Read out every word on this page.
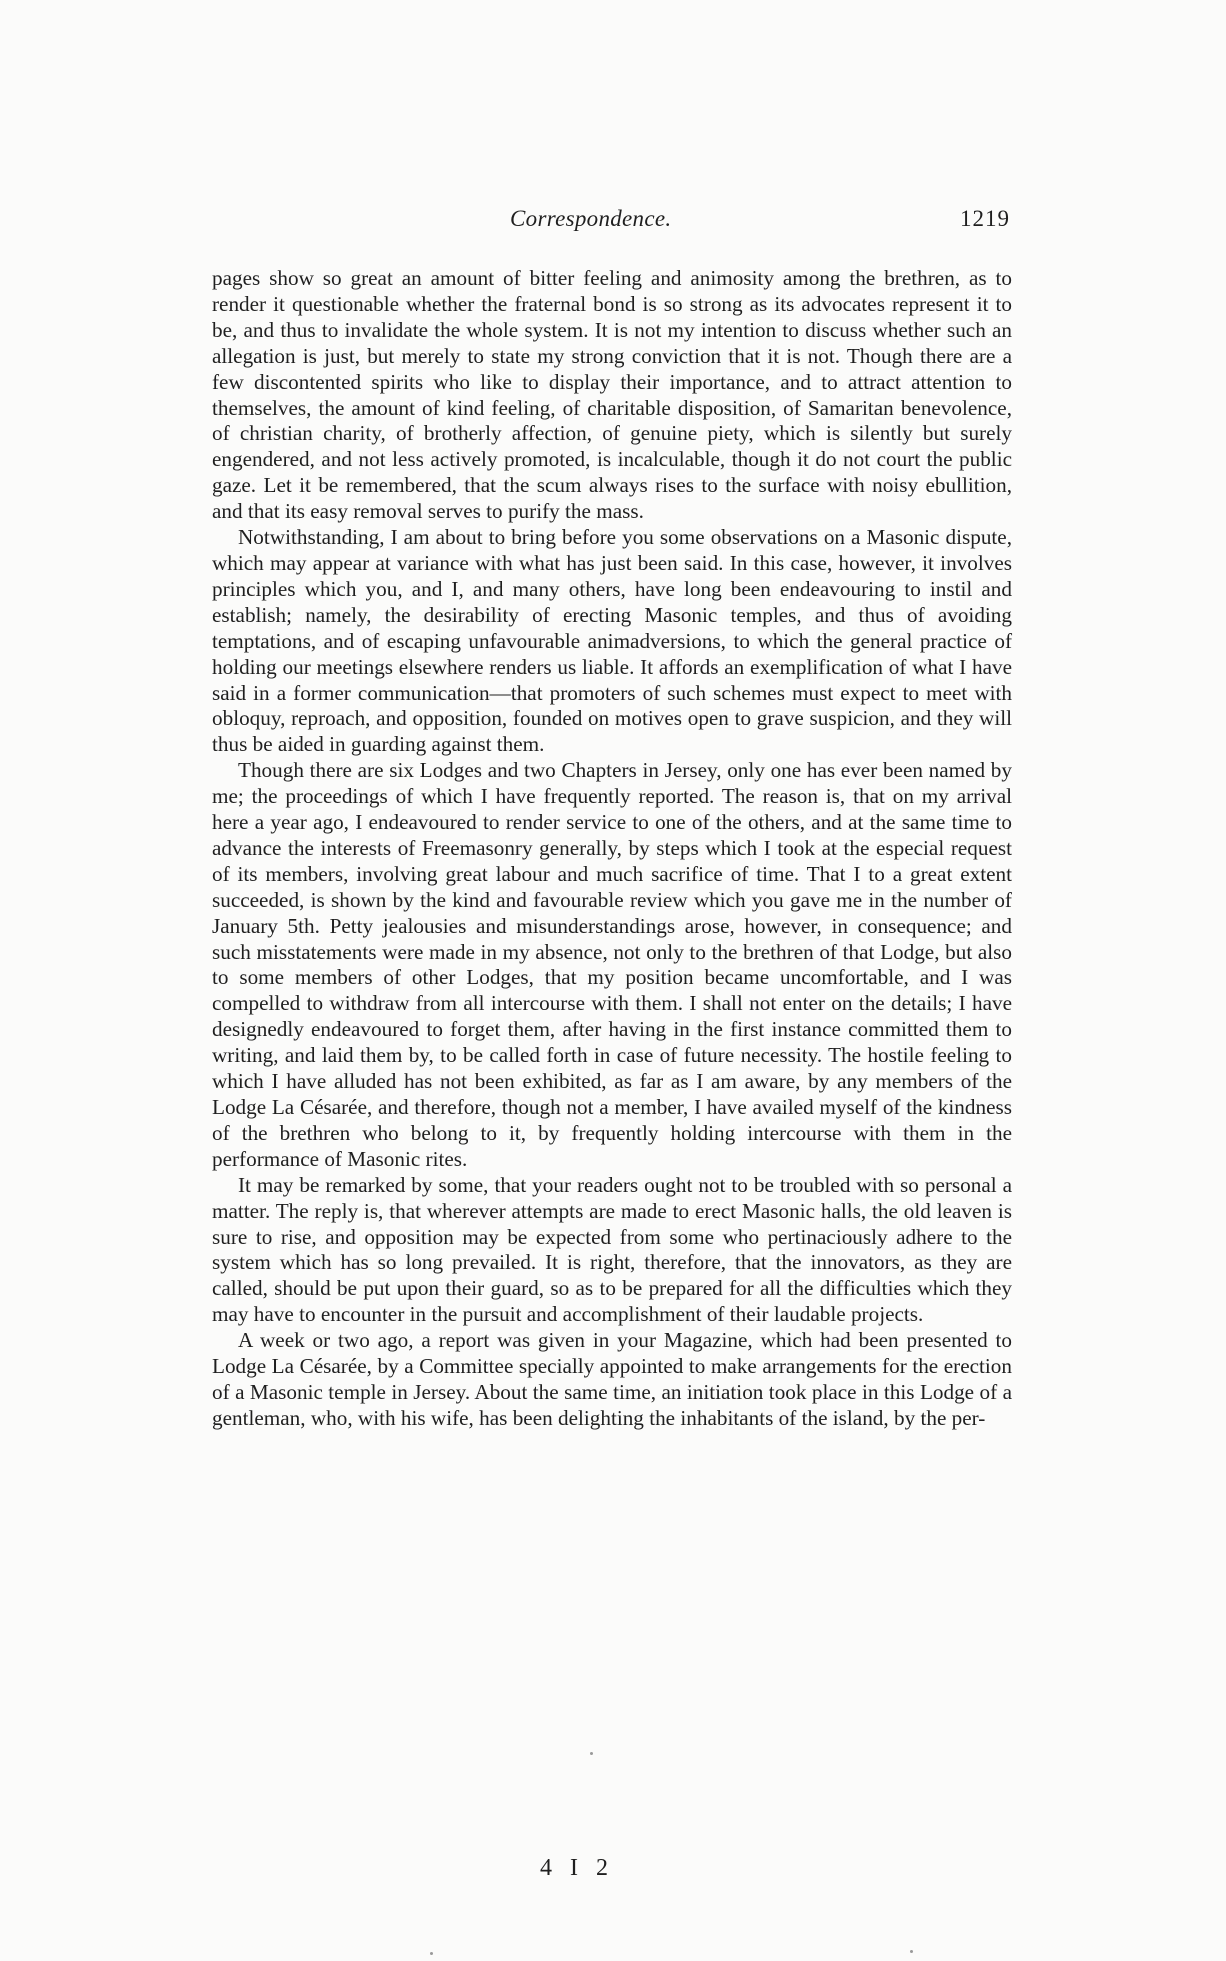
Correspondence.	1219

pages show so great an amount of bitter feeling and animosity among the brethren, as to render it questionable whether the fraternal bond is so strong as its advocates represent it to be, and thus to invalidate the whole system. It is not my intention to discuss whether such an allegation is just, but merely to state my strong conviction that it is not. Though there are a few discontented spirits who like to display their importance, and to attract attention to themselves, the amount of kind feeling, of charitable disposition, of Samaritan benevolence, of christian charity, of brotherly affection, of genuine piety, which is silently but surely engendered, and not less actively promoted, is incalculable, though it do not court the public gaze. Let it be remembered, that the scum always rises to the surface with noisy ebullition, and that its easy removal serves to purify the mass.

Notwithstanding, I am about to bring before you some observations on a Masonic dispute, which may appear at variance with what has just been said. In this case, however, it involves principles which you, and I, and many others, have long been endeavouring to instil and establish; namely, the desirability of erecting Masonic temples, and thus of avoiding temptations, and of escaping unfavourable animadversions, to which the general practice of holding our meetings elsewhere renders us liable. It affords an exemplification of what I have said in a former communication—that promoters of such schemes must expect to meet with obloquy, reproach, and opposition, founded on motives open to grave suspicion, and they will thus be aided in guarding against them.

Though there are six Lodges and two Chapters in Jersey, only one has ever been named by me; the proceedings of which I have frequently reported. The reason is, that on my arrival here a year ago, I endeavoured to render service to one of the others, and at the same time to advance the interests of Freemasonry generally, by steps which I took at the especial request of its members, involving great labour and much sacrifice of time. That I to a great extent succeeded, is shown by the kind and favourable review which you gave me in the number of January 5th. Petty jealousies and misunderstandings arose, however, in consequence; and such misstatements were made in my absence, not only to the brethren of that Lodge, but also to some members of other Lodges, that my position became uncomfortable, and I was compelled to withdraw from all intercourse with them. I shall not enter on the details; I have designedly endeavoured to forget them, after having in the first instance committed them to writing, and laid them by, to be called forth in case of future necessity. The hostile feeling to which I have alluded has not been exhibited, as far as I am aware, by any members of the Lodge La Césarée, and therefore, though not a member, I have availed myself of the kindness of the brethren who belong to it, by frequently holding intercourse with them in the performance of Masonic rites.

It may be remarked by some, that your readers ought not to be troubled with so personal a matter. The reply is, that wherever attempts are made to erect Masonic halls, the old leaven is sure to rise, and opposition may be expected from some who pertinaciously adhere to the system which has so long prevailed. It is right, therefore, that the innovators, as they are called, should be put upon their guard, so as to be prepared for all the difficulties which they may have to encounter in the pursuit and accomplishment of their laudable projects.

A week or two ago, a report was given in your Magazine, which had been presented to Lodge La Césarée, by a Committee specially appointed to make arrangements for the erection of a Masonic temple in Jersey. About the same time, an initiation took place in this Lodge of a gentleman, who, with his wife, has been delighting the inhabitants of the island, by the per-

4 I 2
